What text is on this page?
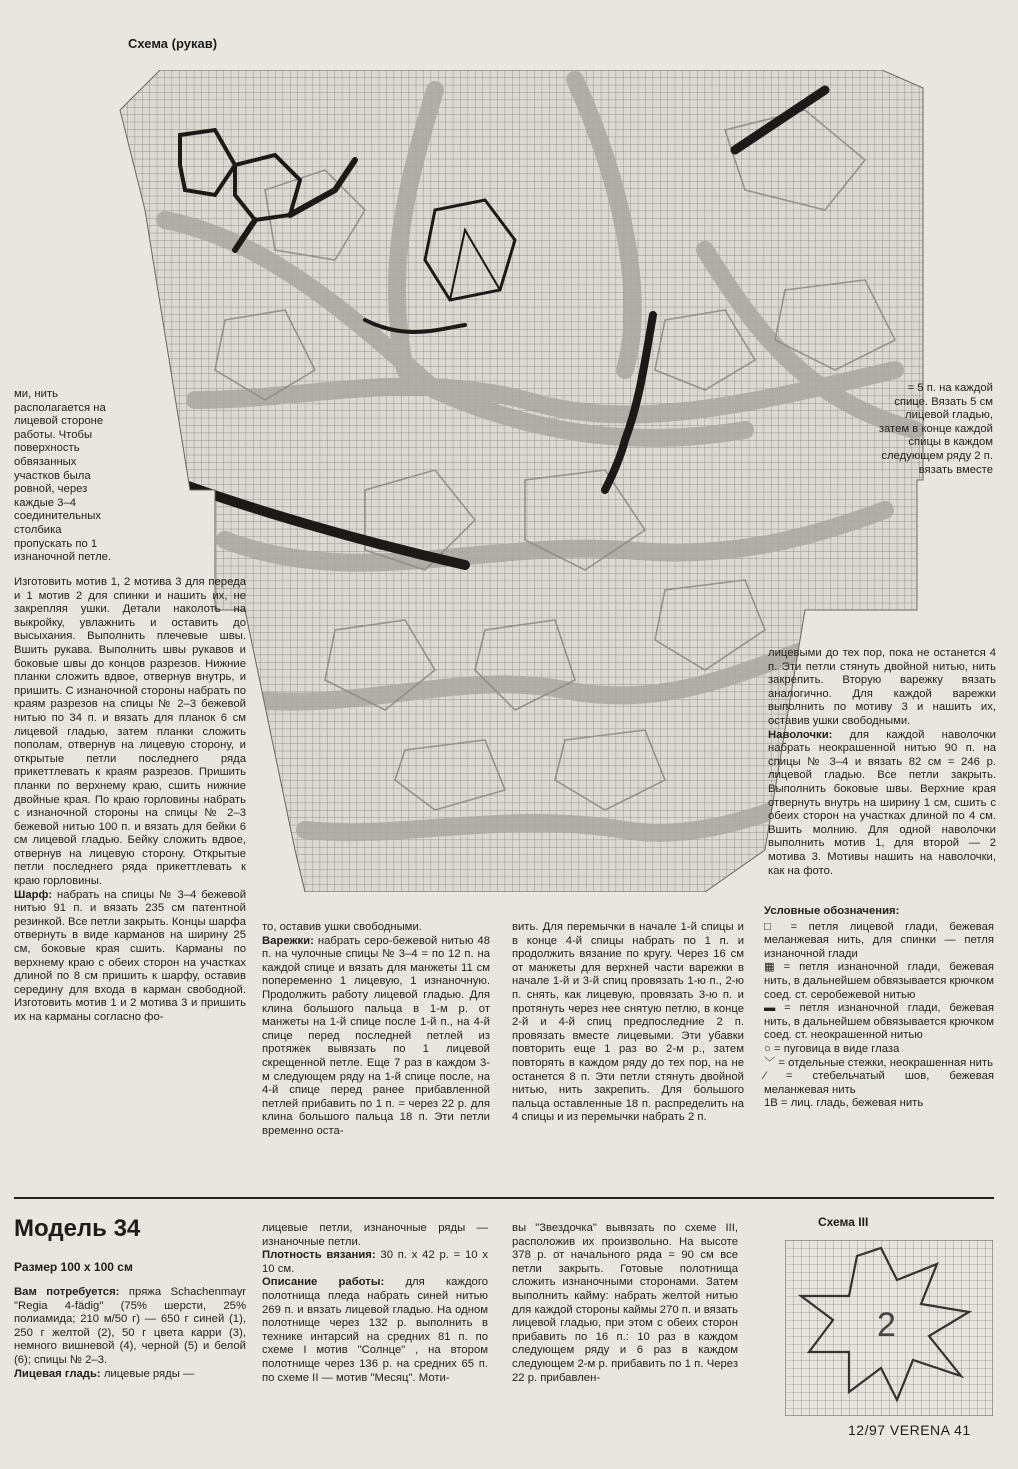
Схема (рукав)
= 5 п. на каждой спице. Вязать 5 см лицевой гладью, затем в конце каждой спицы в каждом следующем ряду 2 п. вязать вместе

лицевыми до тех пор, пока не останется 4 п. Эти петли стянуть двойной нитью, нить закрепить. Вторую варежку вязать аналогично. Для каждой варежки выполнить по мотиву 3 и нашить их, оставив ушки свободными.

Наволочки: для каждой наволочки набрать неокрашенной нитью 90 п. на спицы № 3–4 и вязать 82 см = 246 р. лицевой гладью. Все петли закрыть. Выполнить боковые швы. Верхние края отвернуть внутрь на ширину 1 см, сшить с обеих сторон на участках длиной по 4 см. Вшить молнию. Для одной наволочки выполнить мотив 1, для второй — 2 мотива 3. Мотивы нашить на наволочки, как на фото.

ми, нить располагается на лицевой стороне работы. Чтобы поверхность обвязанных участков была ровной, через каждые 3–4 соединительных столбика пропускать по 1 изнаночной петле.

Изготовить мотив 1, 2 мотива 3 для переда и 1 мотив 2 для спинки и нашить их, не закрепляя ушки. Детали наколоть на выкройку, увлажнить и оставить до высыхания. Выполнить плечевые швы. Вшить рукава. Выполнить швы рукавов и боковые швы до концов разрезов. Нижние планки сложить вдвое, отвернув внутрь, и пришить. С изнаночной стороны набрать по краям разрезов на спицы № 2–3 бежевой нитью по 34 п. и вязать для планок 6 см лицевой гладью, затем планки сложить пополам, отвернув на лицевую сторону, и открытые петли последнего ряда прикеттлевать к краям разрезов. Пришить планки по верхнему краю, сшить нижние двойные края. По краю горловины набрать с изнаночной стороны на спицы № 2–3 бежевой нитью 100 п. и вязать для бейки 6 см лицевой гладью. Бейку сложить вдвое, отвернув на лицевую сторону. Открытые петли последнего ряда прикеттлевать к краю горловины.

Шарф: набрать на спицы № 3–4 бежевой нитью 91 п. и вязать 235 см патентной резинкой. Все петли закрыть. Концы шарфа отвернуть в виде карманов на ширину 25 см, боковые края сшить. Карманы по верхнему краю с обеих сторон на участках длиной по 8 см пришить к шарфу, оставив середину для входа в карман свободной. Изготовить мотив 1 и 2 мотива 3 и пришить их на карманы согласно фо-

то, оставив ушки свободными.

Варежки: набрать серо-бежевой нитью 48 п. на чулочные спицы № 3–4 = по 12 п. на каждой спице и вязать для манжеты 11 см попеременно 1 лицевую, 1 изнаночную. Продолжить работу лицевой гладью. Для клина большого пальца в 1-м р. от манжеты на 1-й спице после 1-й п., на 4-й спице перед последней петлей из протяжек вывязать по 1 лицевой скрещенной петле. Еще 7 раз в каждом 3-м следующем ряду на 1-й спице после, на 4-й спице перед ранее прибавленной петлей прибавить по 1 п. = через 22 р. для клина большого пальца 18 п. Эти петли временно оста-

вить. Для перемычки в начале 1-й спицы и в конце 4-й спицы набрать по 1 п. и продолжить вязание по кругу. Через 16 см от манжеты для верхней части варежки в начале 1-й и 3-й спиц провязать 1-ю п., 2-ю п. снять, как лицевую, провязать 3-ю п. и протянуть через нее снятую петлю, в конце 2-й и 4-й спиц предпоследние 2 п. провязать вместе лицевыми. Эти убавки повторить еще 1 раз во 2-м р., затем повторять в каждом ряду до тех пор, на не останется 8 п. Эти петли стянуть двойной нитью, нить закрепить. Для большого пальца оставленные 18 п. распределить на 4 спицы и из перемычки набрать 2 п.

Условные обозначения:

□ = петля лицевой глади, бежевая меланжевая нить, для спинки — петля изнаночной глади

▦ = петля изнаночной глади, бежевая нить, в дальнейшем обвязывается крючком соед. ст. серобежевой нитью

▬ = петля изнаночной глади, бежевая нить, в дальнейшем обвязывается крючком соед. ст. неокрашенной нитью

○ = пуговица в виде глаза

﹀ = отдельные стежки, неокрашенная нить

⁄ = стебельчатый шов, бежевая меланжевая нить

1В = лиц. гладь, бежевая нить

Модель 34
Размер 100 x 100 см

Вам потребуется: пряжа Schachenmayr "Regia 4-fädig" (75% шерсти, 25% полиамида; 210 м/50 г) — 650 г синей (1), 250 г желтой (2), 50 г цвета карри (3), немного вишневой (4), черной (5) и белой (6); спицы № 2–3.

Лицевая гладь: лицевые ряды —

лицевые петли, изнаночные ряды — изнаночные петли.

Плотность вязания: 30 п. x 42 р. = 10 x 10 см.

Описание работы: для каждого полотнища пледа набрать синей нитью 269 п. и вязать лицевой гладью. На одном полотнище через 132 р. выполнить в технике интарсий на средних 81 п. по схеме I мотив "Солнце" , на втором полотнище через 136 р. на средних 65 п. по схеме II — мотив "Месяц". Моти-

вы "Звездочка" вывязать по схеме III, расположив их произвольно. На высоте 378 р. от начального ряда = 90 см все петли закрыть. Готовые полотнища сложить изнаночными сторонами. Затем выполнить кайму: набрать желтой нитью для каждой стороны каймы 270 п. и вязать лицевой гладью, при этом с обеих сторон прибавить по 16 п.: 10 раз в каждом следующем ряду и 6 раз в каждом следующем 2-м р. прибавить по 1 п. Через 22 р. прибавлен-
Схема III
2
12/97 VERENA 41
